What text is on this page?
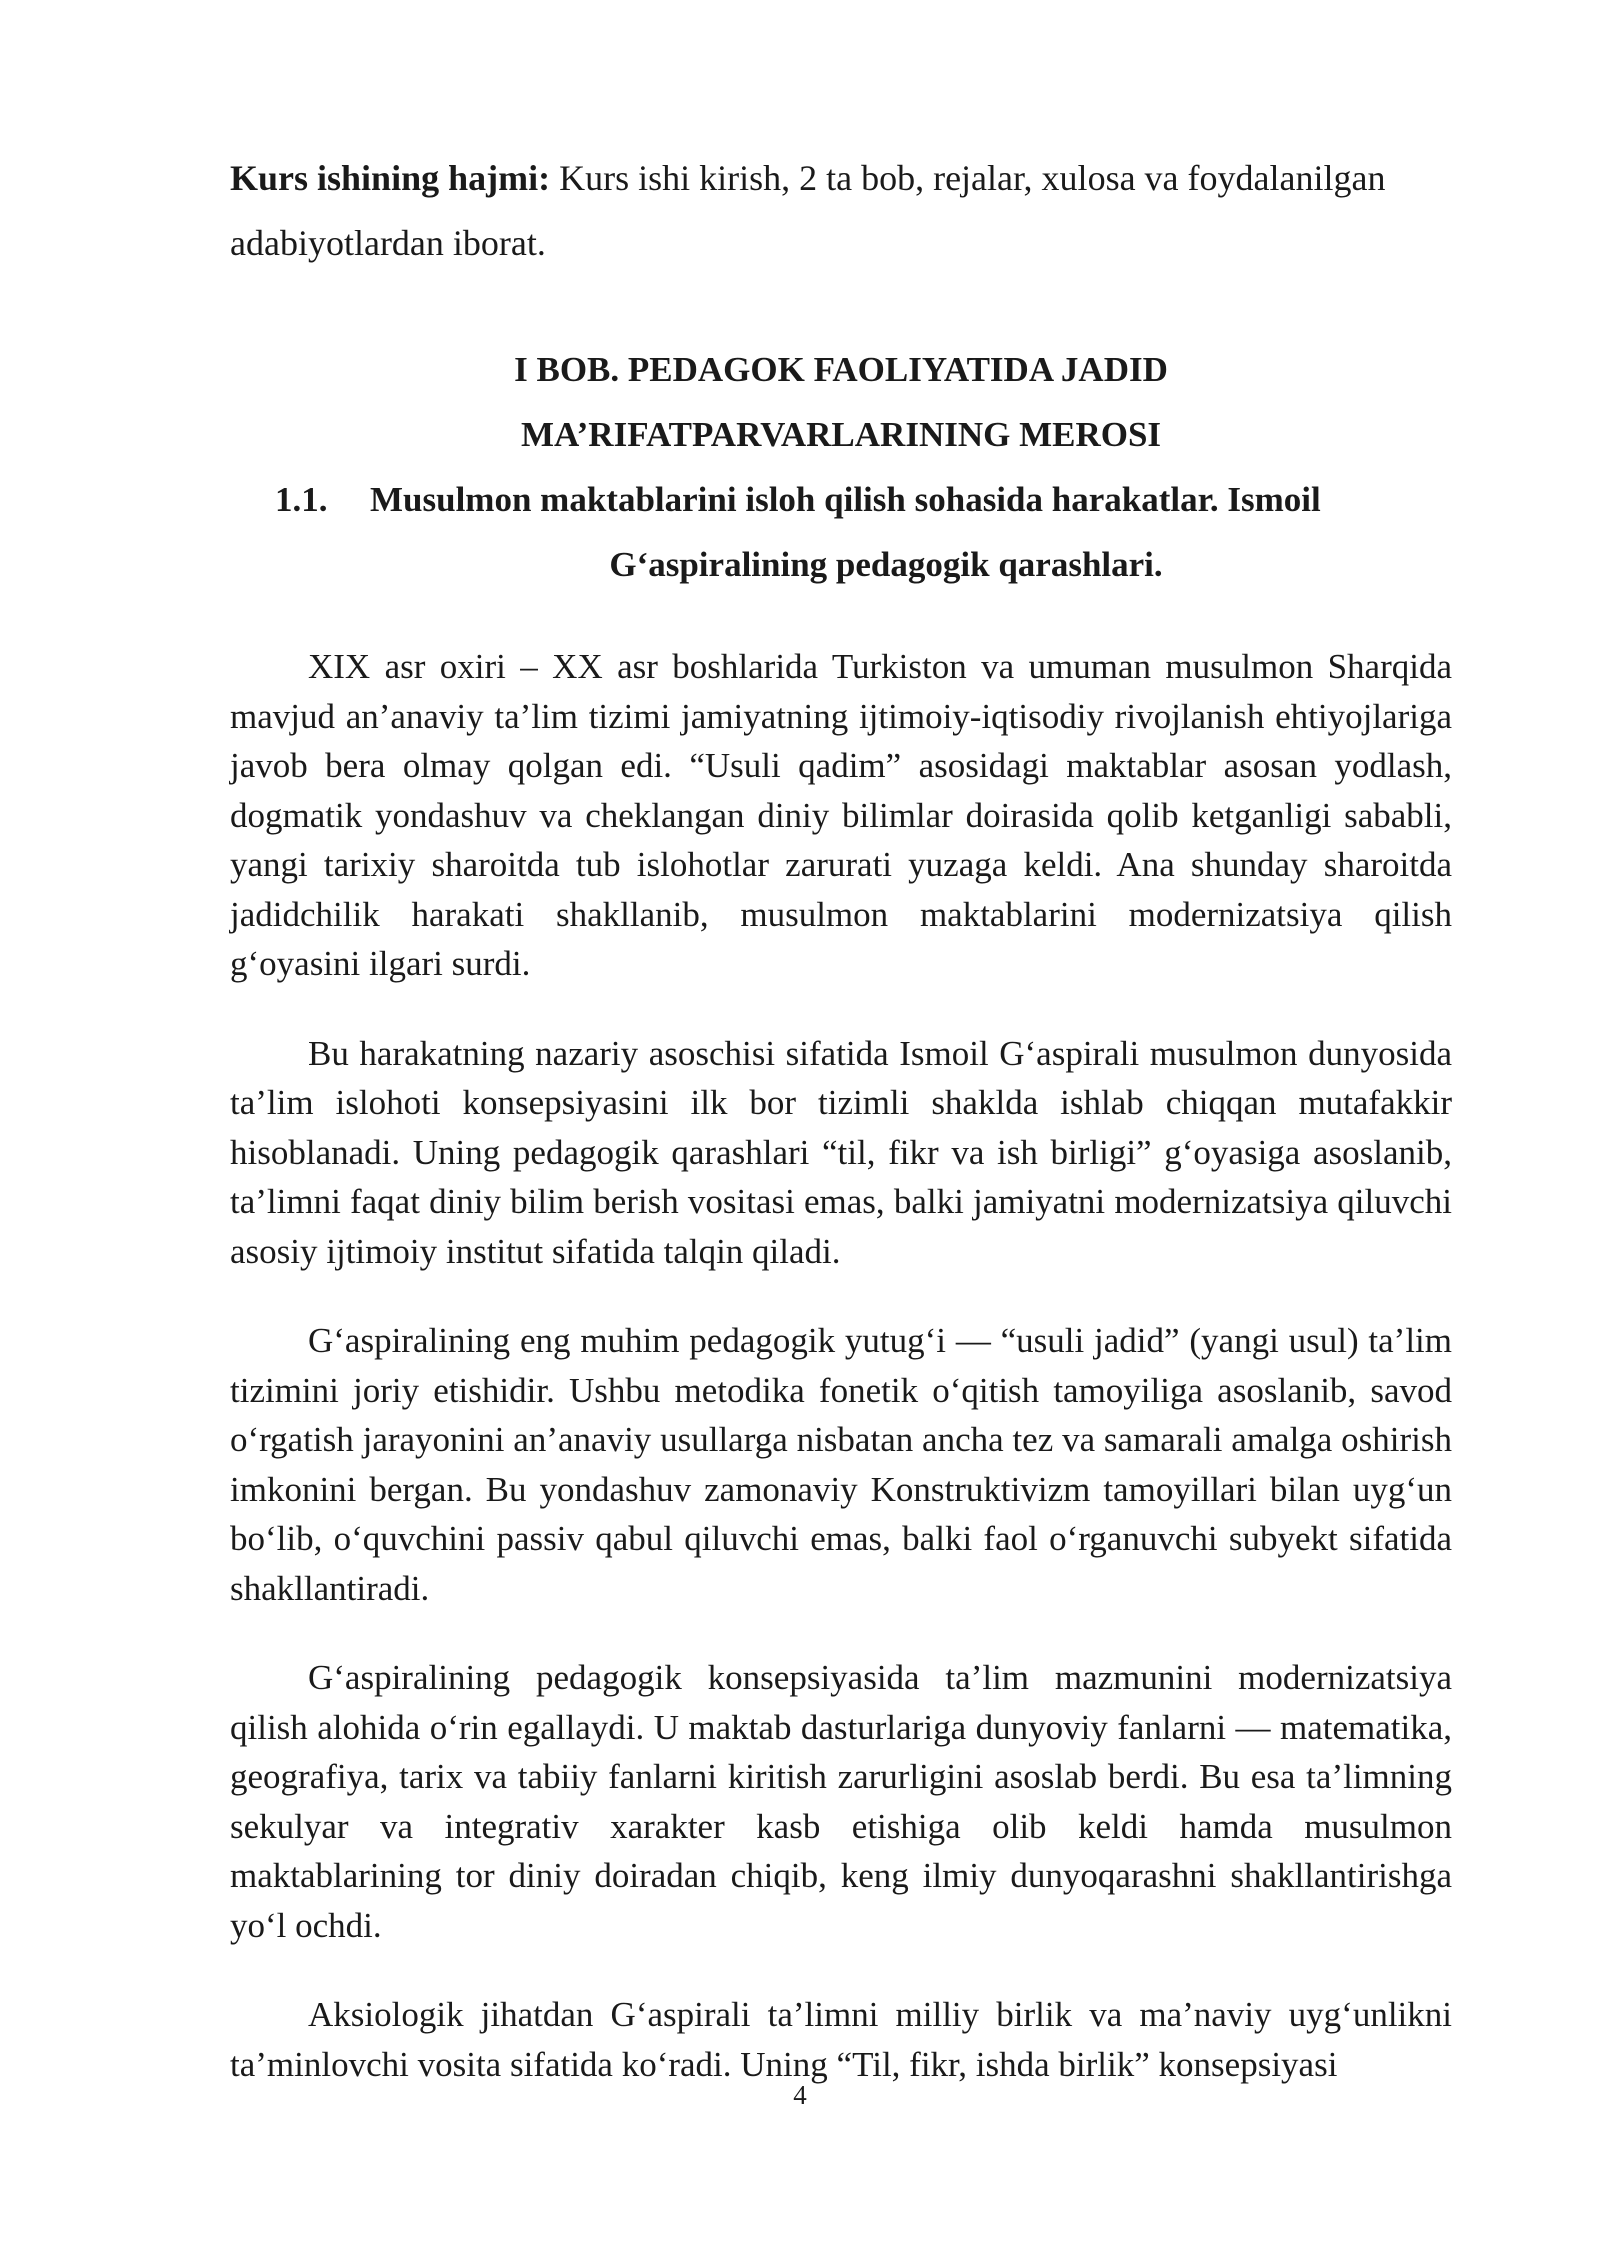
Kurs ishining hajmi: Kurs ishi kirish, 2 ta bob, rejalar, xulosa va foydalanilgan adabiyotlardan iborat.

I BOB. PEDAGOK FAOLIYATIDA JADID
MA’RIFATPARVARLARINING MEROSI
1.1. Musulmon maktablarini isloh qilish sohasida harakatlar. Ismoil
G‘aspiralining pedagogik qarashlari.

XIX asr oxiri – XX asr boshlarida Turkiston va umuman musulmon Sharqida mavjud an’anaviy ta’lim tizimi jamiyatning ijtimoiy-iqtisodiy rivojlanish ehtiyojlariga javob bera olmay qolgan edi. “Usuli qadim” asosidagi maktablar asosan yodlash, dogmatik yondashuv va cheklangan diniy bilimlar doirasida qolib ketganligi sababli, yangi tarixiy sharoitda tub islohotlar zarurati yuzaga keldi. Ana shunday sharoitda jadidchilik harakati shakllanib, musulmon maktablarini modernizatsiya qilish g‘oyasini ilgari surdi.

Bu harakatning nazariy asoschisi sifatida Ismoil G‘aspirali musulmon dunyosida ta’lim islohoti konsepsiyasini ilk bor tizimli shaklda ishlab chiqqan mutafakkir hisoblanadi. Uning pedagogik qarashlari “til, fikr va ish birligi” g‘oyasiga asoslanib, ta’limni faqat diniy bilim berish vositasi emas, balki jamiyatni modernizatsiya qiluvchi asosiy ijtimoiy institut sifatida talqin qiladi.

G‘aspiralining eng muhim pedagogik yutug‘i — “usuli jadid” (yangi usul) ta’lim tizimini joriy etishidir. Ushbu metodika fonetik o‘qitish tamoyiliga asoslanib, savod o‘rgatish jarayonini an’anaviy usullarga nisbatan ancha tez va samarali amalga oshirish imkonini bergan. Bu yondashuv zamonaviy Konstruktivizm tamoyillari bilan uyg‘un bo‘lib, o‘quvchini passiv qabul qiluvchi emas, balki faol o‘rganuvchi subyekt sifatida shakllantiradi.

G‘aspiralining pedagogik konsepsiyasida ta’lim mazmunini modernizatsiya qilish alohida o‘rin egallaydi. U maktab dasturlariga dunyoviy fanlarni — matematika, geografiya, tarix va tabiiy fanlarni kiritish zarurligini asoslab berdi. Bu esa ta’limning sekulyar va integrativ xarakter kasb etishiga olib keldi hamda musulmon maktablarining tor diniy doiradan chiqib, keng ilmiy dunyoqarashni shakllantirishga yo‘l ochdi.

Aksiologik jihatdan G‘aspirali ta’limni milliy birlik va ma’naviy uyg‘unlikni ta’minlovchi vosita sifatida ko‘radi. Uning “Til, fikr, ishda birlik” konsepsiyasi

4
